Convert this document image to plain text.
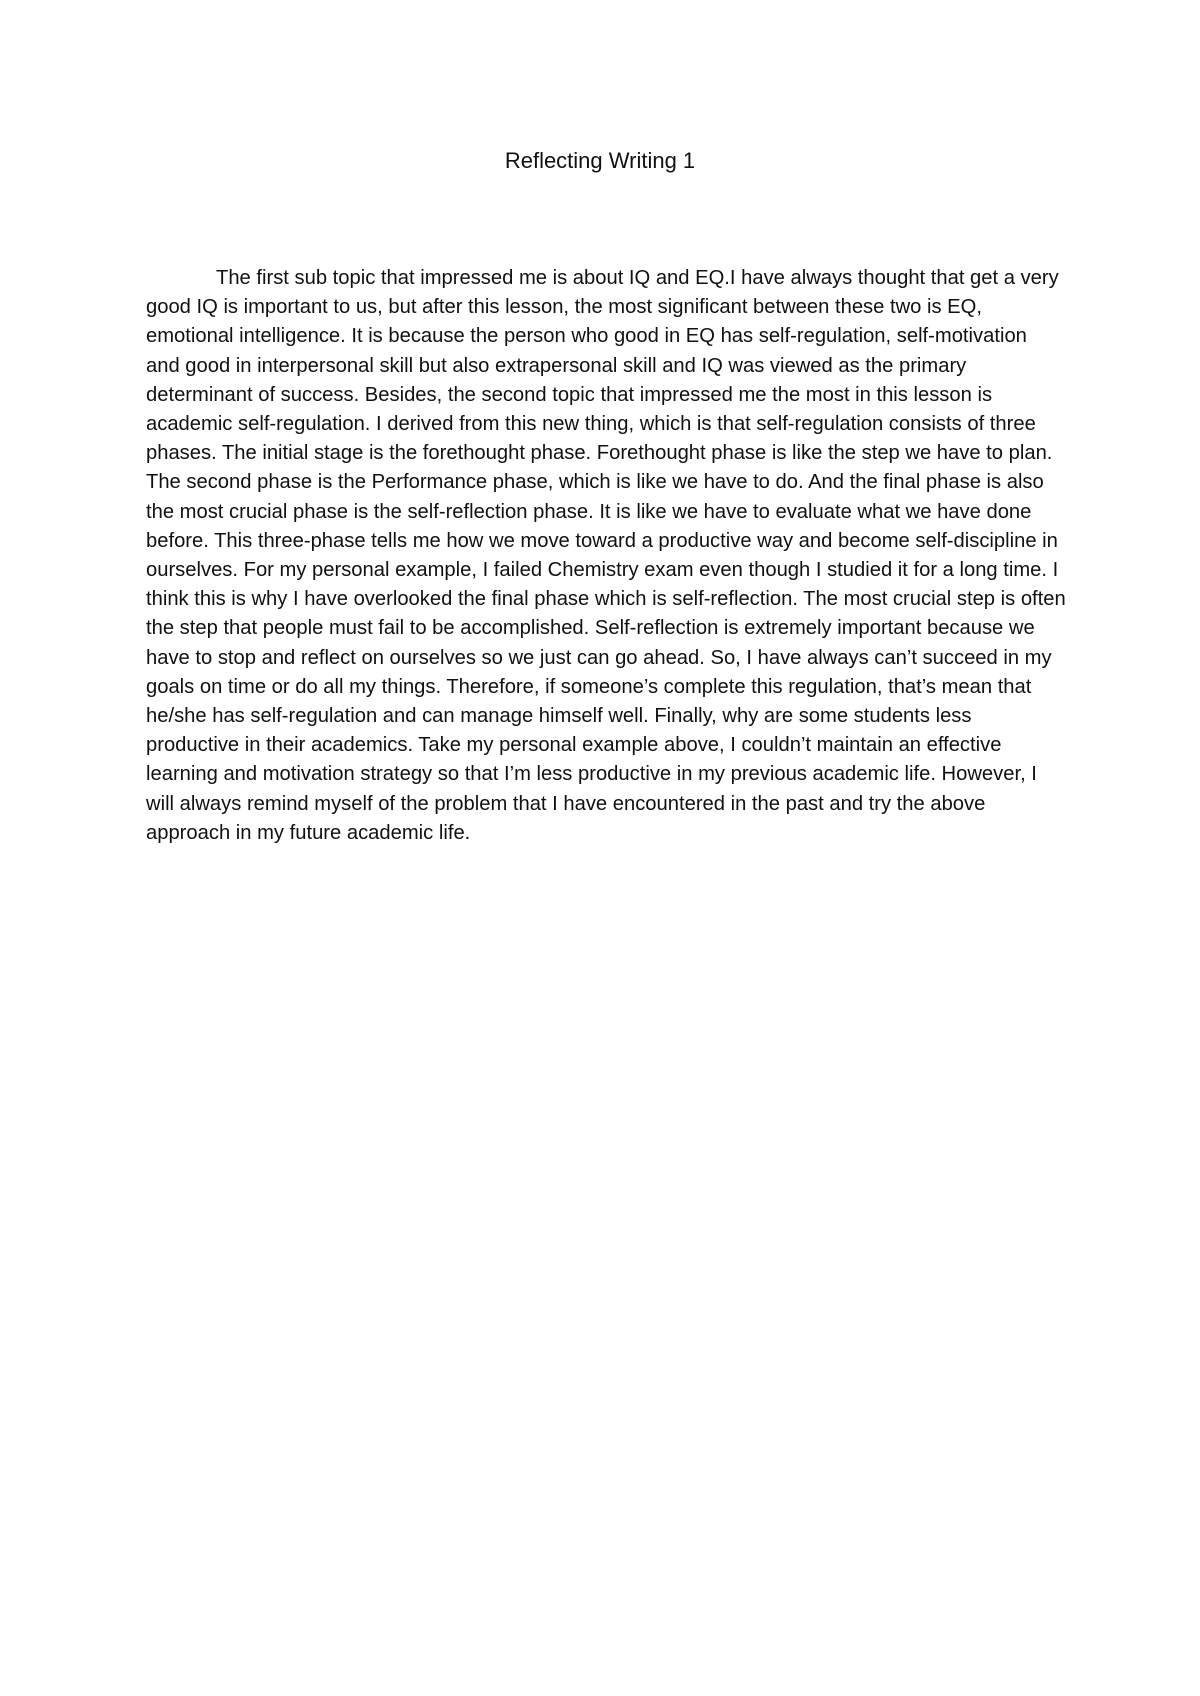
Reflecting Writing 1

The first sub topic that impressed me is about IQ and EQ.I have always thought that get a very good IQ is important to us, but after this lesson, the most significant between these two is EQ, emotional intelligence. It is because the person who good in EQ has self-regulation, self-motivation and good in interpersonal skill but also extrapersonal skill and IQ was viewed as the primary determinant of success. Besides, the second topic that impressed me the most in this lesson is academic self-regulation. I derived from this new thing, which is that self-regulation consists of three phases. The initial stage is the forethought phase. Forethought phase is like the step we have to plan. The second phase is the Performance phase, which is like we have to do. And the final phase is also the most crucial phase is the self-reflection phase. It is like we have to evaluate what we have done before. This three-phase tells me how we move toward a productive way and become self-discipline in ourselves. For my personal example, I failed Chemistry exam even though I studied it for a long time. I think this is why I have overlooked the final phase which is self-reflection. The most crucial step is often the step that people must fail to be accomplished. Self-reflection is extremely important because we have to stop and reflect on ourselves so we just can go ahead. So, I have always can’t succeed in my goals on time or do all my things. Therefore, if someone’s complete this regulation, that’s mean that he/she has self-regulation and can manage himself well. Finally, why are some students less productive in their academics. Take my personal example above, I couldn’t maintain an effective learning and motivation strategy so that I’m less productive in my previous academic life. However, I will always remind myself of the problem that I have encountered in the past and try the above approach in my future academic life.
